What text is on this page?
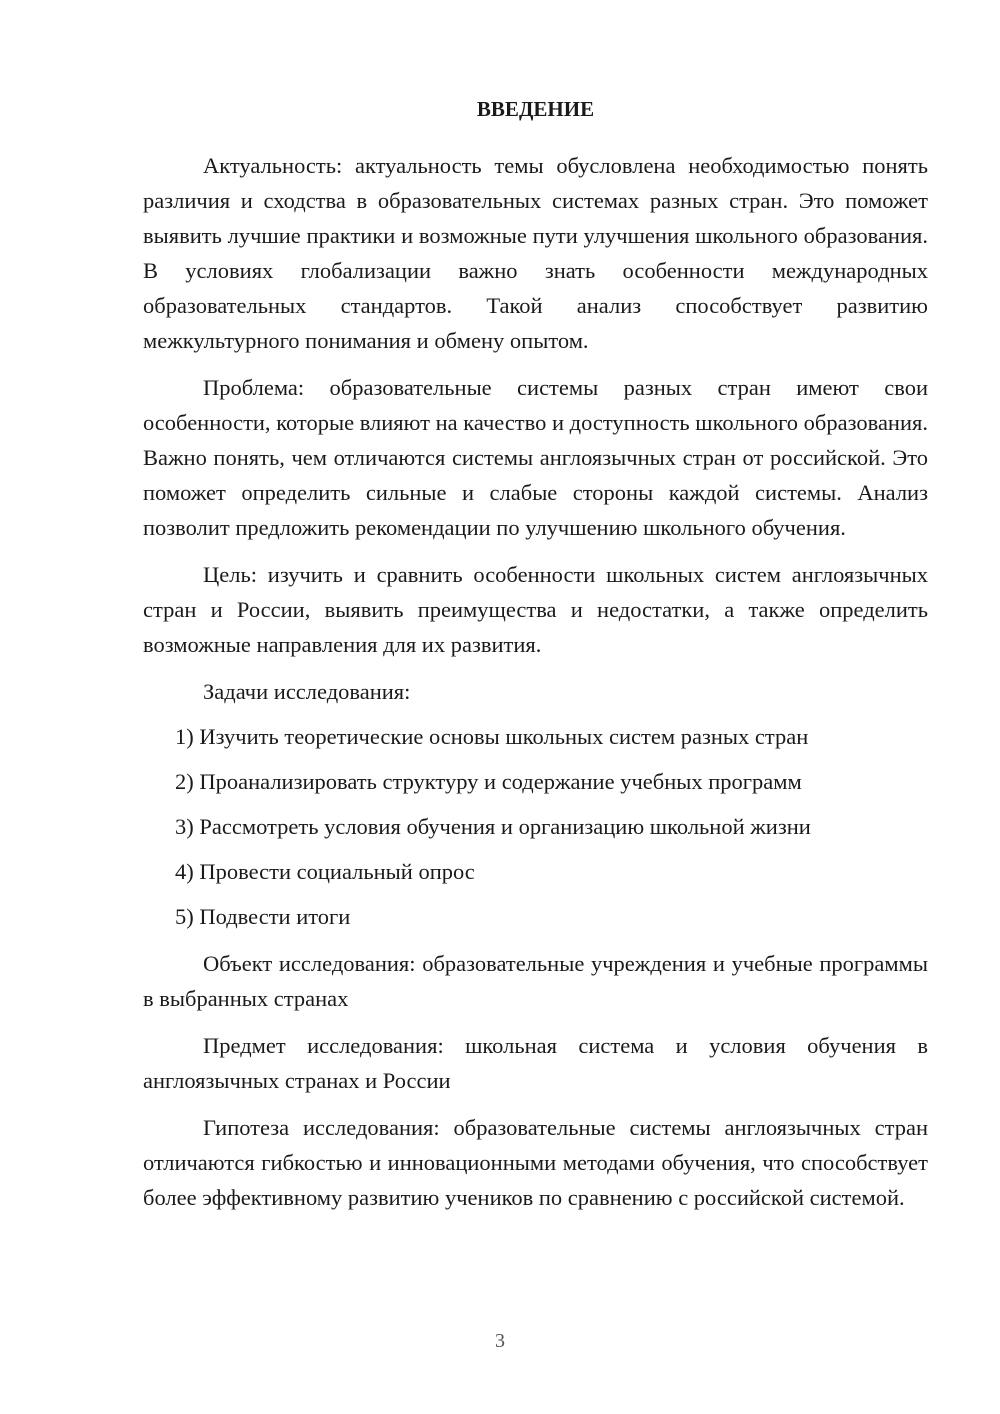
ВВЕДЕНИЕ

Актуальность: актуальность темы обусловлена необходимостью понять различия и сходства в образовательных системах разных стран. Это поможет выявить лучшие практики и возможные пути улучшения школьного образования. В условиях глобализации важно знать особенности международных образовательных стандартов. Такой анализ способствует развитию межкультурного понимания и обмену опытом.

Проблема: образовательные системы разных стран имеют свои особенности, которые влияют на качество и доступность школьного образования. Важно понять, чем отличаются системы англоязычных стран от российской. Это поможет определить сильные и слабые стороны каждой системы. Анализ позволит предложить рекомендации по улучшению школьного обучения.

Цель: изучить и сравнить особенности школьных систем англоязычных стран и России, выявить преимущества и недостатки, а также определить возможные направления для их развития.

Задачи исследования:

1) Изучить теоретические основы школьных систем разных стран
2) Проанализировать структуру и содержание учебных программ
3) Рассмотреть условия обучения и организацию школьной жизни
4) Провести социальный опрос
5) Подвести итоги

Объект исследования: образовательные учреждения и учебные программы в выбранных странах

Предмет исследования: школьная система и условия обучения в англоязычных странах и России

Гипотеза исследования: образовательные системы англоязычных стран отличаются гибкостью и инновационными методами обучения, что способствует более эффективному развитию учеников по сравнению с российской системой.

3
